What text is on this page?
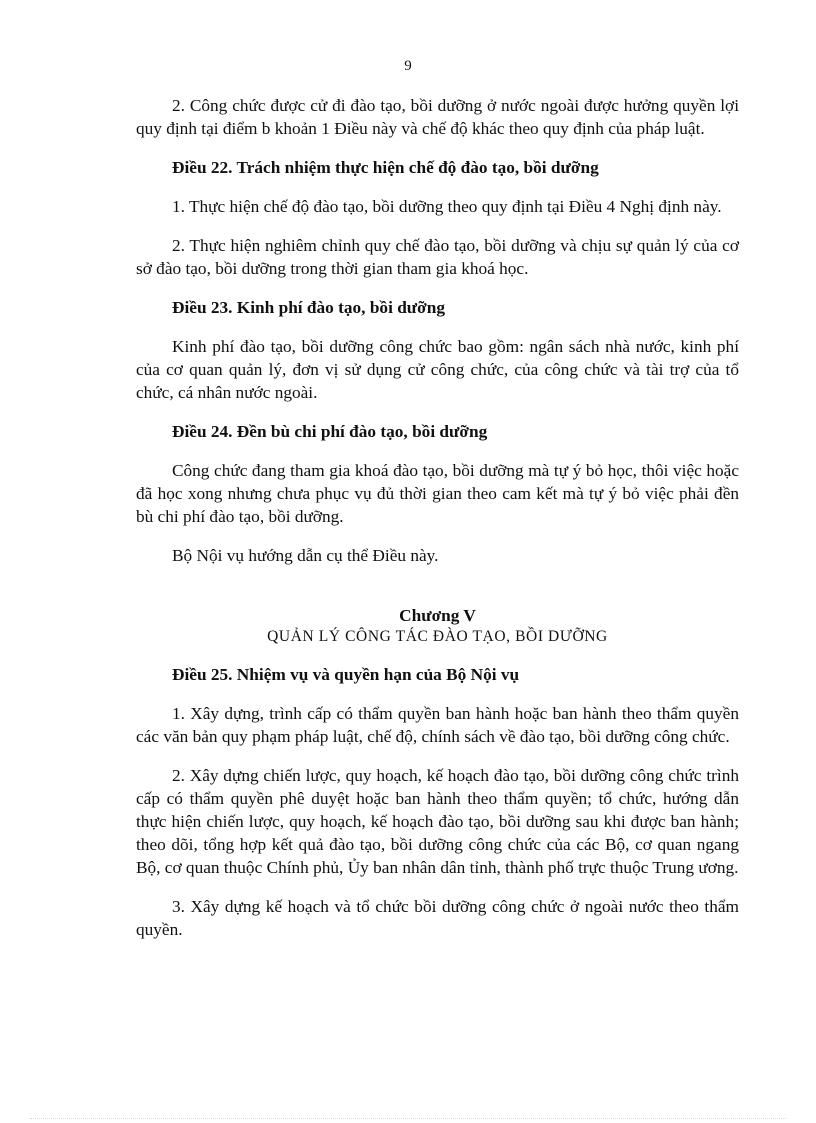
9

2. Công chức được cử đi đào tạo, bồi dưỡng ở nước ngoài được hưởng quyền lợi quy định tại điểm b khoản 1 Điều này và chế độ khác theo quy định của pháp luật.

Điều 22. Trách nhiệm thực hiện chế độ đào tạo, bồi dưỡng

1. Thực hiện chế độ đào tạo, bồi dưỡng theo quy định tại Điều 4 Nghị định này.

2. Thực hiện nghiêm chỉnh quy chế đào tạo, bồi dưỡng và chịu sự quản lý của cơ sở đào tạo, bồi dưỡng trong thời gian tham gia khoá học.

Điều 23. Kinh phí đào tạo, bồi dưỡng

Kinh phí đào tạo, bồi dưỡng công chức bao gồm: ngân sách nhà nước, kinh phí của cơ quan quản lý, đơn vị sử dụng cử công chức, của công chức và tài trợ của tổ chức, cá nhân nước ngoài.

Điều 24. Đền bù chi phí đào tạo, bồi dưỡng

Công chức đang tham gia khoá đào tạo, bồi dưỡng mà tự ý bỏ học, thôi việc hoặc đã học xong nhưng chưa phục vụ đủ thời gian theo cam kết mà tự ý bỏ việc phải đền bù chi phí đào tạo, bồi dưỡng.

Bộ Nội vụ hướng dẫn cụ thể Điều này.

Chương V
QUẢN LÝ CÔNG TÁC ĐÀO TẠO, BỒI DƯỠNG

Điều 25. Nhiệm vụ và quyền hạn của Bộ Nội vụ

1. Xây dựng, trình cấp có thẩm quyền ban hành hoặc ban hành theo thẩm quyền các văn bản quy phạm pháp luật, chế độ, chính sách về đào tạo, bồi dưỡng công chức.

2. Xây dựng chiến lược, quy hoạch, kế hoạch đào tạo, bồi dưỡng công chức trình cấp có thẩm quyền phê duyệt hoặc ban hành theo thẩm quyền; tổ chức, hướng dẫn thực hiện chiến lược, quy hoạch, kế hoạch đào tạo, bồi dưỡng sau khi được ban hành; theo dõi, tổng hợp kết quả đào tạo, bồi dưỡng công chức của các Bộ, cơ quan ngang Bộ, cơ quan thuộc Chính phủ, Ủy ban nhân dân tỉnh, thành phố trực thuộc Trung ương.

3. Xây dựng kế hoạch và tổ chức bồi dưỡng công chức ở ngoài nước theo thẩm quyền.
